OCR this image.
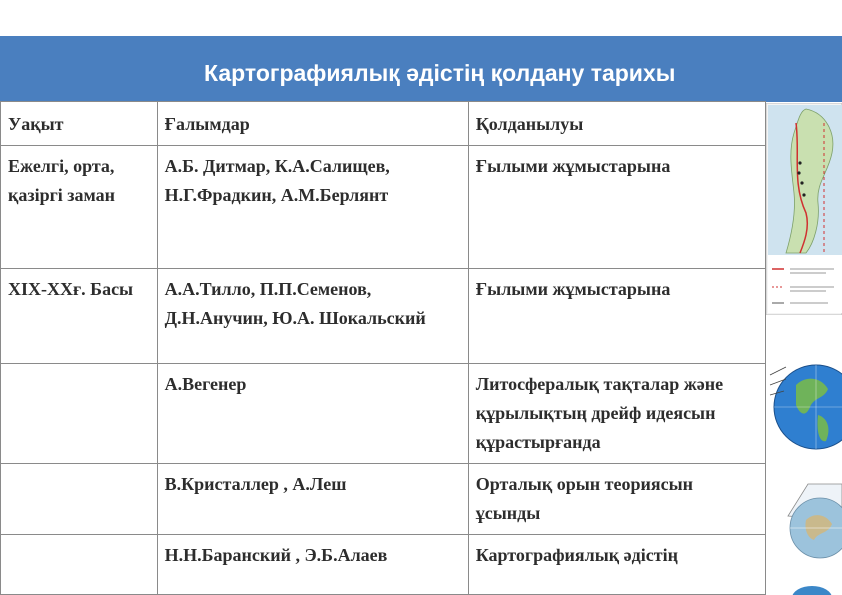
Картографиялық әдістің қолдану тарихы
Уақыт	Ғалымдар	Қолданылуы
Ежелгі, орта, қазіргі заман	А.Б. Дитмар, К.А.Салищев, Н.Г.Фрадкин, А.М.Берлянт	Ғылыми жұмыстарына
XIX-XXғ. Басы	А.А.Тилло, П.П.Семенов, Д.Н.Анучин, Ю.А. Шокальский	Ғылыми жұмыстарына
	А.Вегенер	Литосфералық тақталар және құрылықтың дрейф идеясын құрастырғанда
	В.Кристаллер , А.Леш	Орталық орын теориясын ұсынды
	Н.Н.Баранский , Э.Б.Алаев	Картографиялық әдістің
